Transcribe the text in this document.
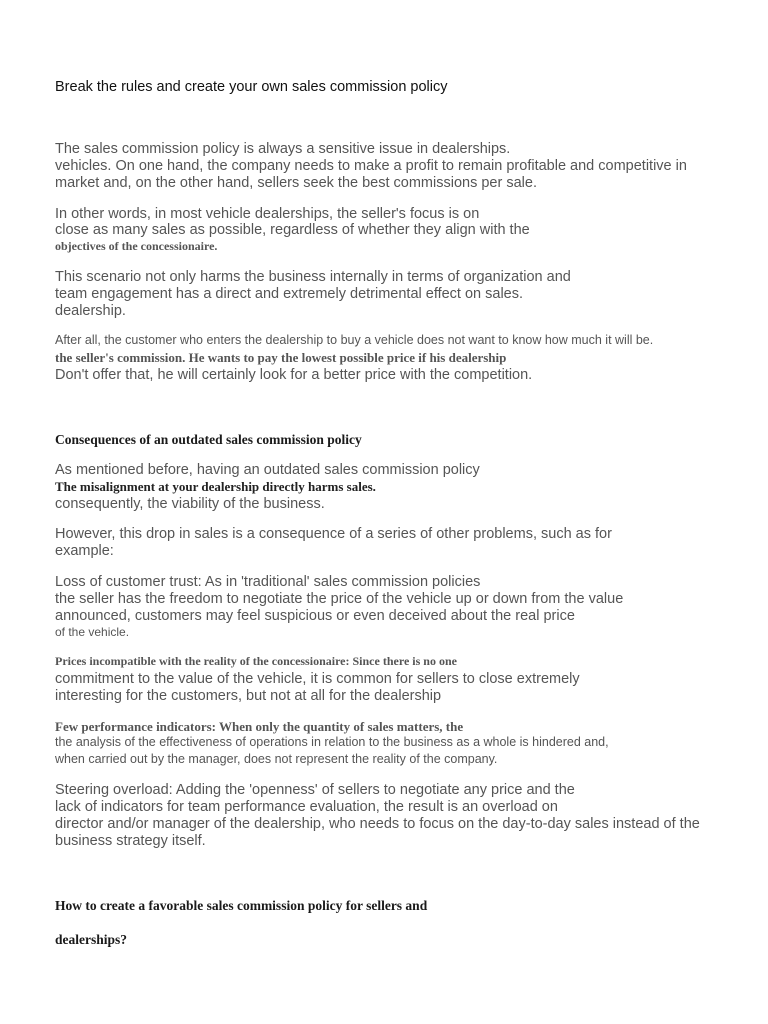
Break the rules and create your own sales commission policy
The sales commission policy is always a sensitive issue in dealerships.
vehicles. On one hand, the company needs to make a profit to remain profitable and competitive in
market and, on the other hand, sellers seek the best commissions per sale.
In other words, in most vehicle dealerships, the seller's focus is on
close as many sales as possible, regardless of whether they align with the
objectives of the concessionaire.
This scenario not only harms the business internally in terms of organization and
team engagement has a direct and extremely detrimental effect on sales.
dealership.
After all, the customer who enters the dealership to buy a vehicle does not want to know how much it will be.
the seller's commission. He wants to pay the lowest possible price if his dealership
Don't offer that, he will certainly look for a better price with the competition.
Consequences of an outdated sales commission policy
As mentioned before, having an outdated sales commission policy
The misalignment at your dealership directly harms sales.
consequently, the viability of the business.
However, this drop in sales is a consequence of a series of other problems, such as for
example:
Loss of customer trust: As in 'traditional' sales commission policies
the seller has the freedom to negotiate the price of the vehicle up or down from the value
announced, customers may feel suspicious or even deceived about the real price
of the vehicle.
Prices incompatible with the reality of the concessionaire: Since there is no one
commitment to the value of the vehicle, it is common for sellers to close extremely
interesting for the customers, but not at all for the dealership
Few performance indicators: When only the quantity of sales matters, the
the analysis of the effectiveness of operations in relation to the business as a whole is hindered and,
when carried out by the manager, does not represent the reality of the company.
Steering overload: Adding the 'openness' of sellers to negotiate any price and the
lack of indicators for team performance evaluation, the result is an overload on
director and/or manager of the dealership, who needs to focus on the day-to-day sales instead of the
business strategy itself.
How to create a favorable sales commission policy for sellers and
dealerships?
